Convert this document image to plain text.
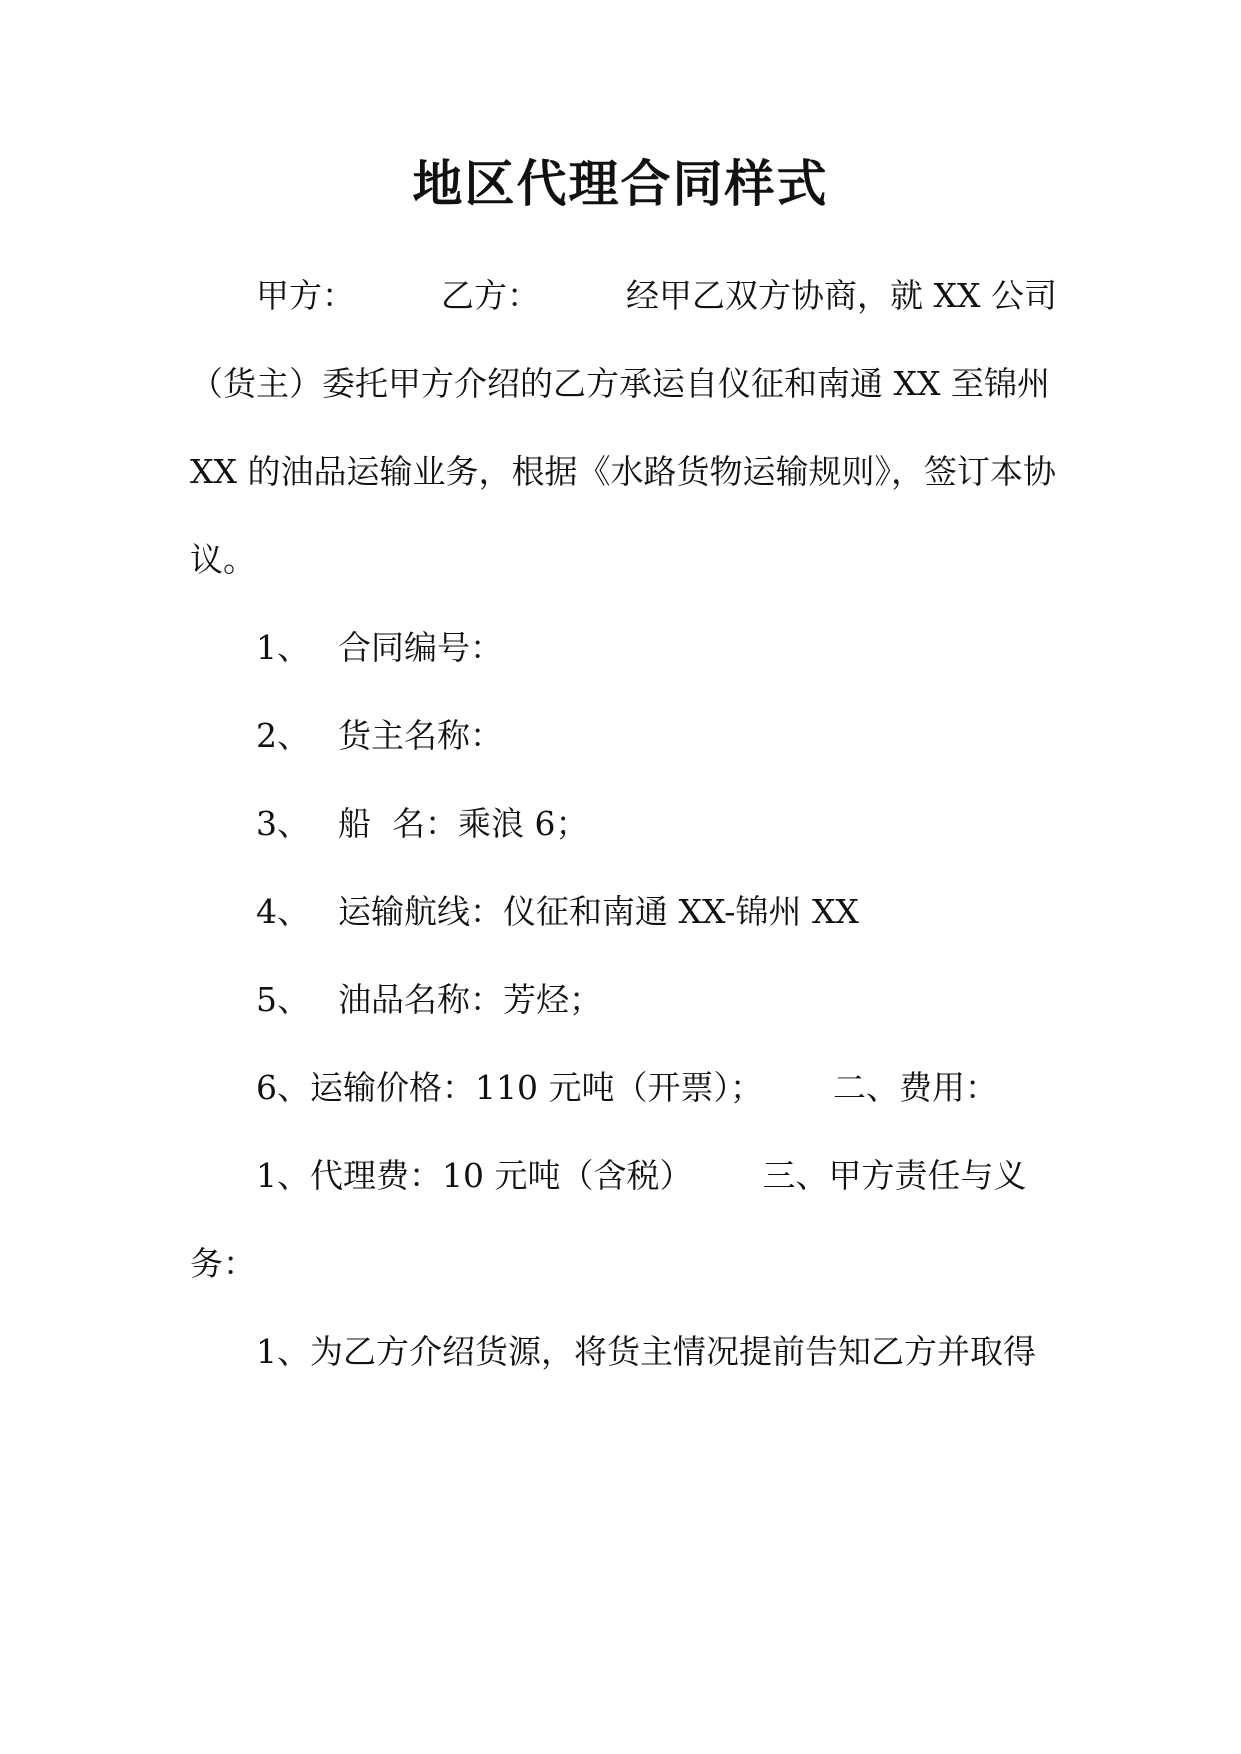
地区代理合同样式
甲方：	乙方：	经甲乙双方协商，就 XX 公司
（货主）委托甲方介绍的乙方承运自仪征和南通 XX 至锦州
XX 的油品运输业务，根据《水路货物运输规则》，签订本协
议。
1、 合同编号：
2、 货主名称：
3、 船  名：乘浪 6；
4、 运输航线：仪征和南通 XX-锦州 XX
5、 油品名称：芳烃；
6、运输价格：110 元吨（开票）； 二、费用：
1、代理费：10 元吨（含税） 三、甲方责任与义
务：
1、为乙方介绍货源，将货主情况提前告知乙方并取得
